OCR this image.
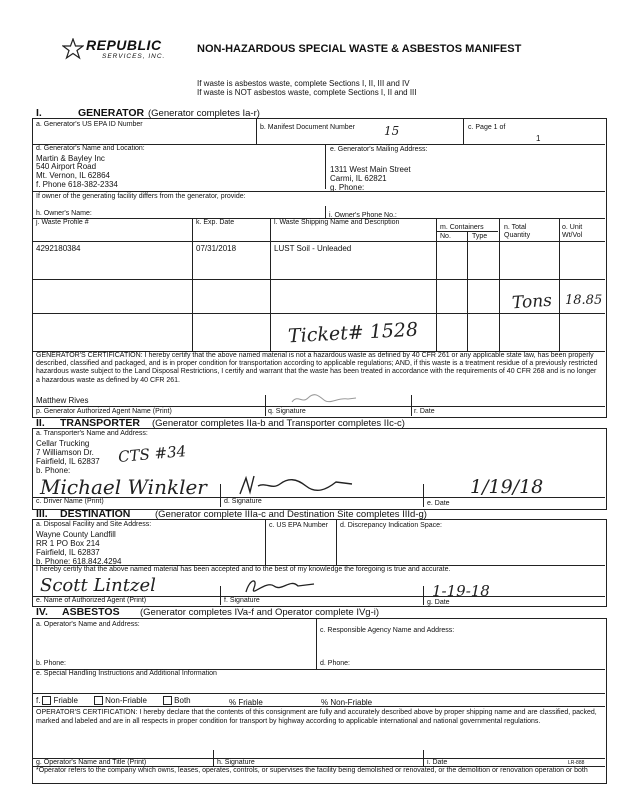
REPUBLIC
SERVICES, INC.
NON-HAZARDOUS SPECIAL WASTE & ASBESTOS MANIFEST
If waste is asbestos waste, complete Sections I, II, III and IV
If waste is NOT asbestos waste, complete Sections I, II and III
I.	GENERATOR (Generator completes Ia-r)
a. Generator's US EPA ID Number	b. Manifest Document Number 15	c. Page 1 of
1
d. Generator's Name and Location:
Martin & Bayley Inc
540 Airport Road
Mt. Vernon, IL 62864
f. Phone 618-382-2334
e. Generator's Mailing Address:
1311 West Main Street
Carmi, IL 62821
g. Phone:
If owner of the generating facility differs from the generator, provide:
h. Owner's Name:	i. Owner's Phone No.:
j. Waste Profile #	k. Exp. Date	l. Waste Shipping Name and Description
m. Containers
No.	Type
n. Total Quantity
o. Unit Wt/Vol
4292180384	07/31/2018	LUST Soil - Unleaded
Tons 18.85
Ticket# 1528
GENERATOR'S CERTIFICATION: I hereby certify that the above named material is not a hazardous waste as defined by 40 CFR 261 or any applicable state law, has been properly described, classified and packaged, and is in proper condition for transportation according to applicable regulations; AND, if this waste is a treatment residue of a previously restricted hazardous waste subject to the Land Disposal Restrictions, I certify and warrant that the waste has been treated in accordance with the requirements of 40 CFR 268 and is no longer a hazardous waste as defined by 40 CFR 261.
Matthew Rives
p. Generator Authorized Agent Name (Print)	q. Signature	r. Date
II. TRANSPORTER (Generator completes IIa-b and Transporter completes IIc-c)
a. Transporter's Name and Address:
Cellar Trucking
7 Williamson Dr.
Fairfield, IL 62837
b. Phone:
CTS #34
Michael Winkler	1/19/18
c. Driver Name (Print)	d. Signature	e. Date
III. DESTINATION	(Generator complete IIIa-c and Destination Site completes IIId-g)
a. Disposal Facility and Site Address:
Wayne County Landfill
RR 1 PO Box 214
Fairfield, IL 62837
b. Phone: 618.842.4294
c. US EPA Number d. Discrepancy Indication Space:
I hereby certify that the above named material has been accepted and to the best of my knowledge the foregoing is true and accurate.
Scott Lintzel	1-19-18
e. Name of Authorized Agent (Print)	f. Signature	g. Date
IV. ASBESTOS (Generator completes IVa-f and Operator complete IVg-i)
a. Operator's Name and Address:
c. Responsible Agency Name and Address:
b. Phone:	d. Phone:
e. Special Handling Instructions and Additional Information
f. Friable	Non-Friable	Both	% Friable	% Non-Friable
OPERATOR'S CERTIFICATION: I hereby declare that the contents of this consignment are fully and accurately described above by proper shipping name and are classified, packed, marked and labeled and are in all respects in proper condition for transport by highway according to applicable international and national governmental regulations.
g. Operator's Name and Title (Print)	h. Signature	i. Date	LR-888
*Operator refers to the company which owns, leases, operates, controls, or supervises the facility being demolished or renovated, or the demolition or renovation operation or both
